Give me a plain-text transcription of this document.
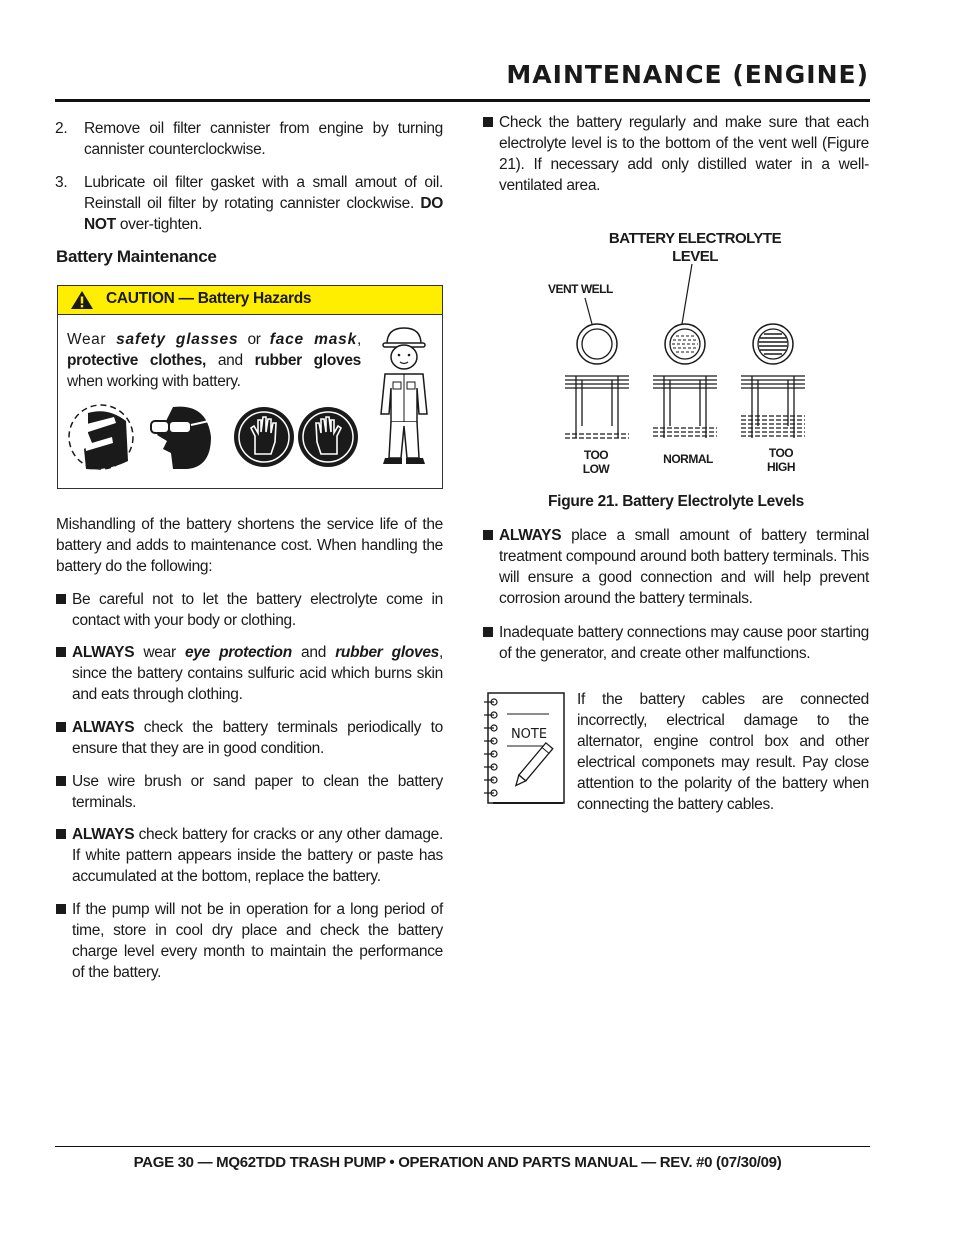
MAINTENANCE (ENGINE)
2. Remove oil filter cannister from engine by turning cannister counterclockwise.
3. Lubricate oil filter gasket with a small amout of oil. Reinstall oil filter by rotating cannister clockwise. DO NOT over-tighten.
Battery Maintenance
CAUTION — Battery Hazards
Wear safety glasses or face mask,
protective clothes, and rubber gloves
when working with battery.
Mishandling of the battery shortens the service life of the battery and adds to maintenance cost. When handling the battery do the following:
Be careful not to let the battery electrolyte come in contact with your body or clothing.
ALWAYS wear eye protection and rubber gloves, since the battery contains sulfuric acid which burns skin and eats through clothing.
ALWAYS check the battery terminals periodically to ensure that they are in good condition.
Use wire brush or sand paper to clean the battery terminals.
ALWAYS check battery for cracks or any other damage. If white pattern appears inside the battery or paste has accumulated at the bottom, replace the battery.
If the pump will not be in operation for a long period of time, store in cool dry place and check the battery charge level every month to maintain the performance of the battery.
Check the battery regularly and make sure that each electrolyte level is to the bottom of the vent well (Figure 21). If necessary add only distilled water in a well-ventilated area.
BATTERY ELECTROLYTE
LEVEL
VENT WELL
TOO
LOW
NORMAL	TOO
HIGH
Figure 21. Battery Electrolyte Levels
ALWAYS place a small amount of battery terminal treatment compound around both battery terminals. This will ensure a good connection and will help prevent corrosion around the battery terminals.
Inadequate battery connections may cause poor starting of the generator, and create other malfunctions.
NOTE
If the battery cables are connected incorrectly, electrical damage to the alternator, engine control box and other electrical componets may result. Pay close attention to the polarity of the battery when connecting the battery cables.
PAGE 30 — MQ62TDD TRASH PUMP • OPERATION AND PARTS MANUAL — REV. #0 (07/30/09)
